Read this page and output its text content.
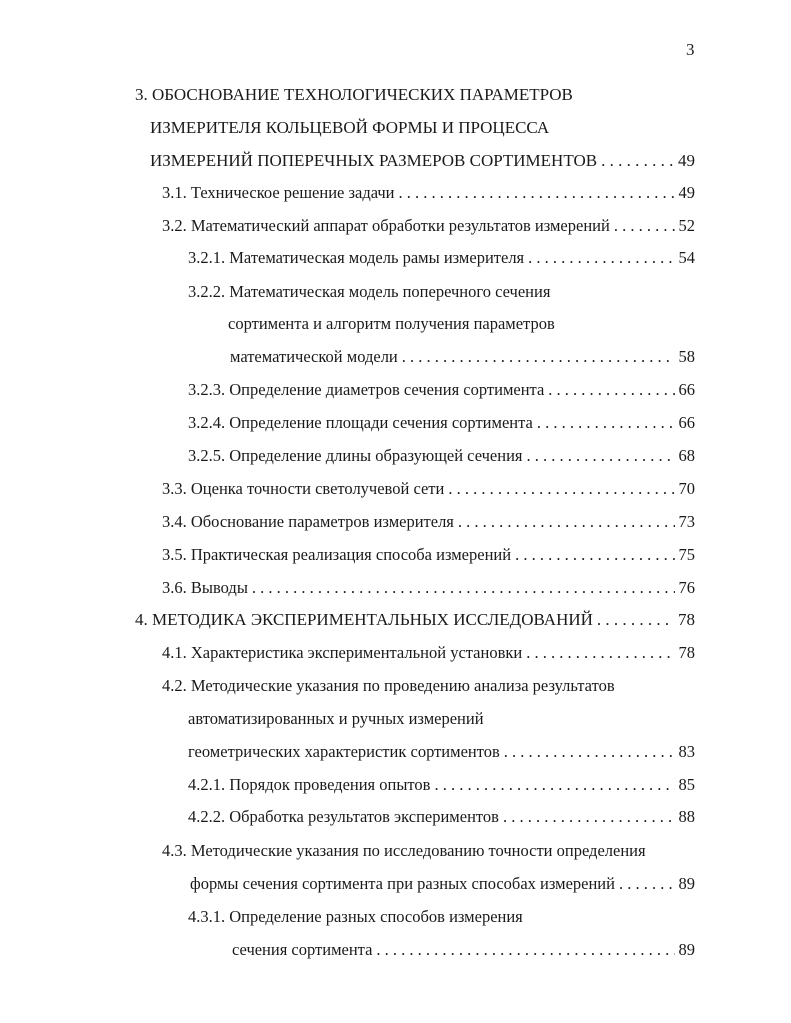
3
3. ОБОСНОВАНИЕ ТЕХНОЛОГИЧЕСКИХ ПАРАМЕТРОВ
ИЗМЕРИТЕЛЯ КОЛЬЦЕВОЙ ФОРМЫ И ПРОЦЕССА
ИЗМЕРЕНИЙ ПОПЕРЕЧНЫХ РАЗМЕРОВ СОРТИМЕНТОВ . . .	49
3.1. Техническое решение задачи . . .	49
3.2. Математический аппарат обработки результатов измерений . . .	52
3.2.1. Математическая модель рамы измерителя . . .	54
3.2.2. Математическая модель поперечного сечения
сортимента и алгоритм получения параметров
математической модели . . .	58
3.2.3. Определение диаметров сечения сортимента . . .	66
3.2.4. Определение площади сечения сортимента . . .	66
3.2.5. Определение длины образующей сечения . . .	68
3.3. Оценка точности светолучевой сети . . .	70
3.4. Обоснование параметров измерителя . . .	73
3.5. Практическая реализация способа измерений . . .	75
3.6. Выводы . . .	76
4. МЕТОДИКА ЭКСПЕРИМЕНТАЛЬНЫХ ИССЛЕДОВАНИЙ . . .	78
4.1. Характеристика экспериментальной установки . . .	78
4.2. Методические указания по проведению анализа результатов
автоматизированных и ручных измерений
геометрических характеристик сортиментов . . .	83
4.2.1. Порядок проведения опытов . . .	85
4.2.2. Обработка результатов экспериментов . . .	88
4.3. Методические указания по исследованию точности определения
формы сечения сортимента при разных способах измерений . . .	89
4.3.1. Определение разных способов измерения
сечения сортимента . . .	89
